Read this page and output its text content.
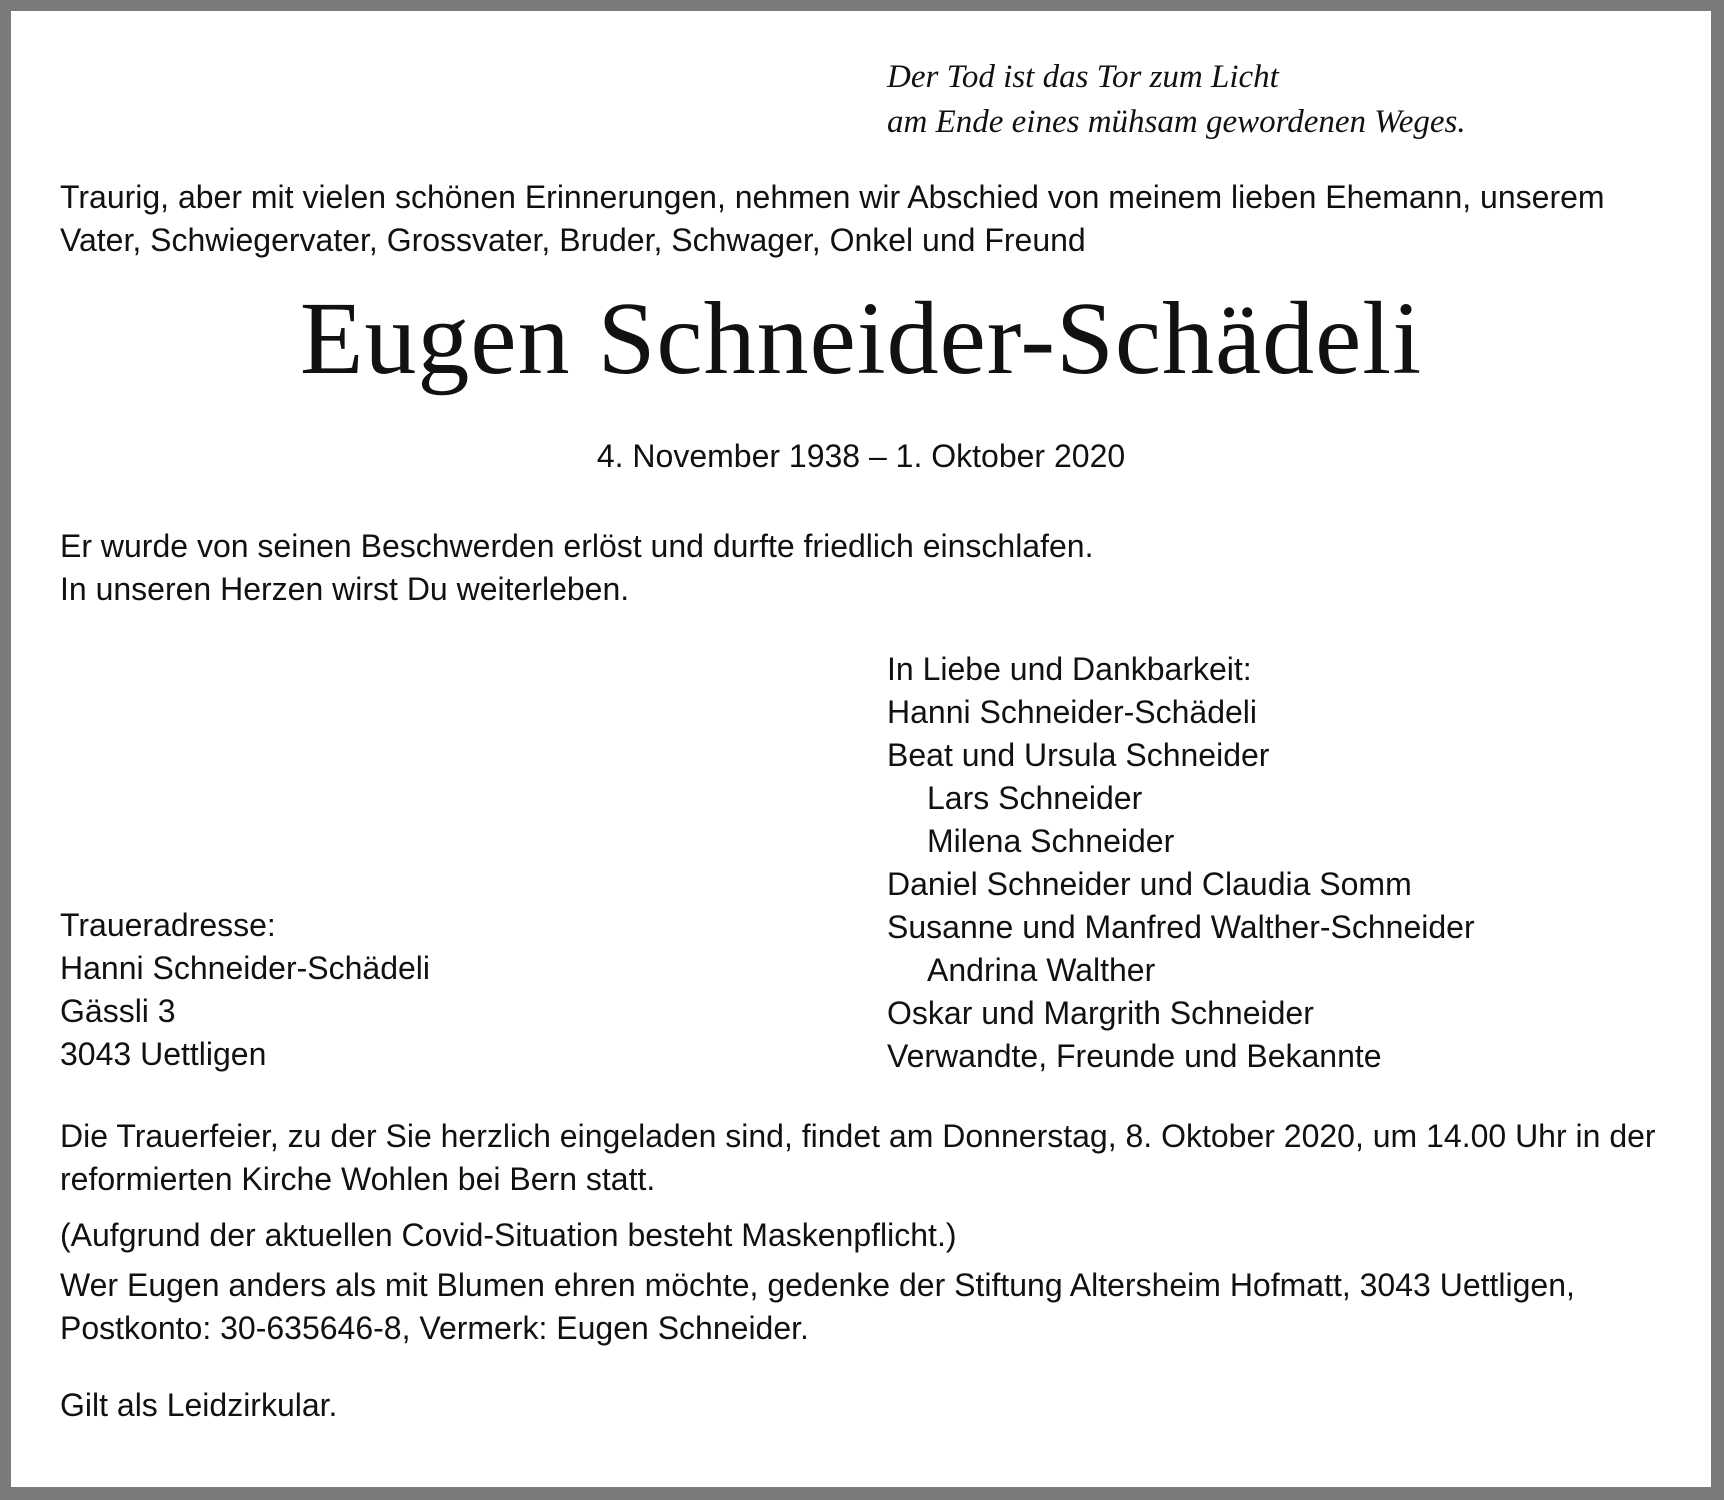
Der Tod ist das Tor zum Licht
am Ende eines mühsam gewordenen Weges.
Traurig, aber mit vielen schönen Erinnerungen, nehmen wir Abschied von meinem lieben Ehemann, unserem
Vater, Schwiegervater, Grossvater, Bruder, Schwager, Onkel und Freund
Eugen Schneider-Schädeli
4. November 1938 – 1. Oktober 2020
Er wurde von seinen Beschwerden erlöst und durfte friedlich einschlafen.
In unseren Herzen wirst Du weiterleben.
In Liebe und Dankbarkeit:
Hanni Schneider-Schädeli
Beat und Ursula Schneider
Lars Schneider
Milena Schneider
Daniel Schneider und Claudia Somm
Susanne und Manfred Walther-Schneider
Andrina Walther
Oskar und Margrith Schneider
Verwandte, Freunde und Bekannte
Traueradresse:
Hanni Schneider-Schädeli
Gässli 3
3043 Uettligen
Die Trauerfeier, zu der Sie herzlich eingeladen sind, findet am Donnerstag, 8. Oktober 2020, um 14.00 Uhr in der
reformierten Kirche Wohlen bei Bern statt.
(Aufgrund der aktuellen Covid-Situation besteht Maskenpflicht.)
Wer Eugen anders als mit Blumen ehren möchte, gedenke der Stiftung Altersheim Hofmatt, 3043 Uettligen,
Postkonto: 30-635646-8, Vermerk: Eugen Schneider.
Gilt als Leidzirkular.
